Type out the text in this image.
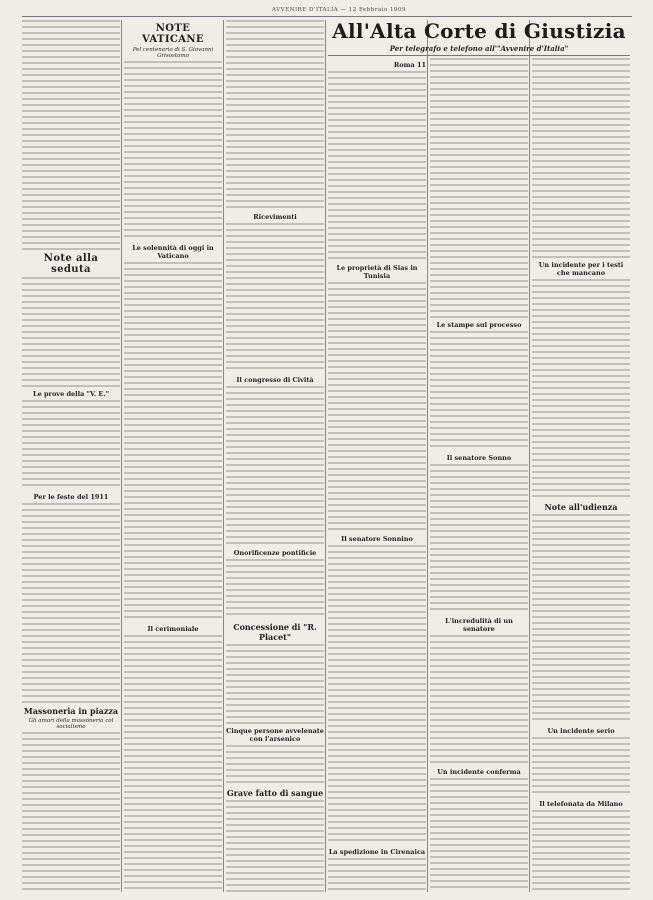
AVVENIRE D'ITALIA — 12 Febbraio 1909
Note alla seduta
Le prove della "V. E."
Per le feste del 1911
Massoneria in piazza
Gli amori della massoneria col socialismo
NOTE VATICANE
Pel centenario di S. Giovanni Grisostomo
Le solennità di oggi in Vaticano
Il cerimoniale
Ricevimenti
Il congresso di Cività
Onorificenze pontificie
Concessione di "R. Placet"
Cinque persone avvelenate con l'arsenico
Grave fatto di sangue
All'Alta Corte di Giustizia
Per telegrafo e telefono all'"Avvenire d'Italia"
Roma 11
Le proprietà di Sias in Tunisia
Il senatore Sonnino
La spedizione in Cirenaica
Le stampe sul processo
Il senatore Sonno
L'incredulità di un senatore
Un incidente conferma
Un incidente per i testi che mancano
Note all'udienza
Un incidente serio
Il telefonata da Milano
